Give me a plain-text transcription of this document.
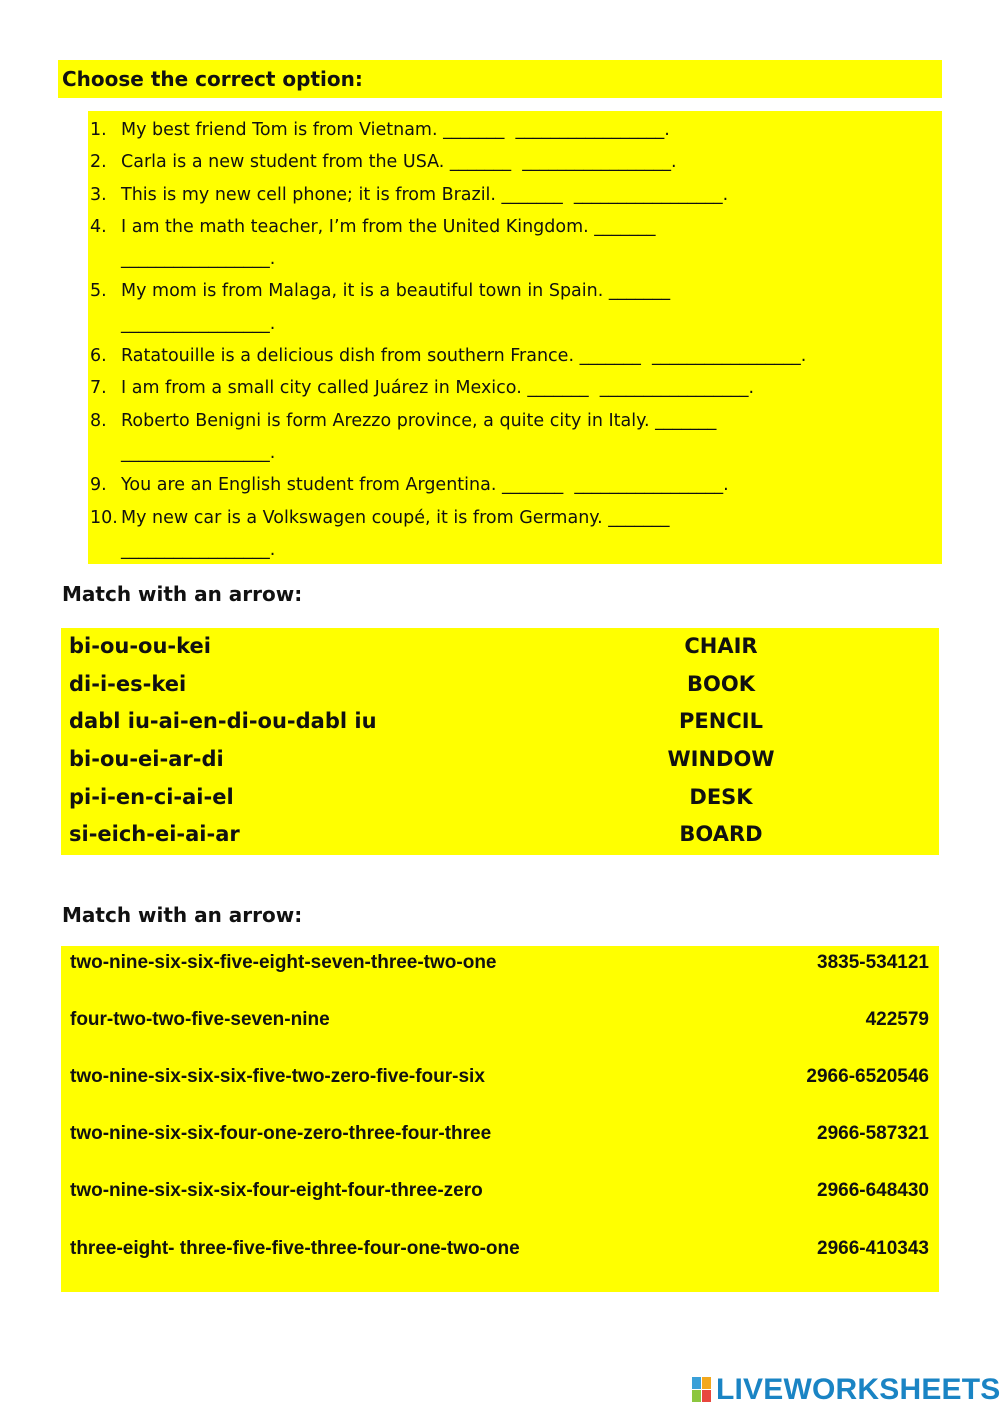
Choose the correct option:
1. My best friend Tom is from Vietnam. _______  _________________.
2. Carla is a new student from the USA. _______  _________________.
3. This is my new cell phone; it is from Brazil. _______  _________________.
4. I am the math teacher, I’m from the United Kingdom. _______
_________________.
5. My mom is from Malaga, it is a beautiful town in Spain. _______
_________________.
6. Ratatouille is a delicious dish from southern France. _______  _________________.
7. I am from a small city called Juárez in Mexico. _______  _________________.
8. Roberto Benigni is form Arezzo province, a quite city in Italy. _______
_________________.
9. You are an English student from Argentina. _______  _________________.
10. My new car is a Volkswagen coupé, it is from Germany. _______
_________________.
Match with an arrow:
bi-ou-ou-kei	CHAIR
di-i-es-kei	BOOK
dabl iu-ai-en-di-ou-dabl iu	PENCIL
bi-ou-ei-ar-di	WINDOW
pi-i-en-ci-ai-el	DESK
si-eich-ei-ai-ar	BOARD
Match with an arrow:
two-nine-six-six-five-eight-seven-three-two-one	3835-534121
four-two-two-five-seven-nine	422579
two-nine-six-six-six-five-two-zero-five-four-six	2966-6520546
two-nine-six-six-four-one-zero-three-four-three	2966-587321
two-nine-six-six-six-four-eight-four-three-zero	2966-648430
three-eight- three-five-five-three-four-one-two-one	2966-410343
LIVEWORKSHEETS
